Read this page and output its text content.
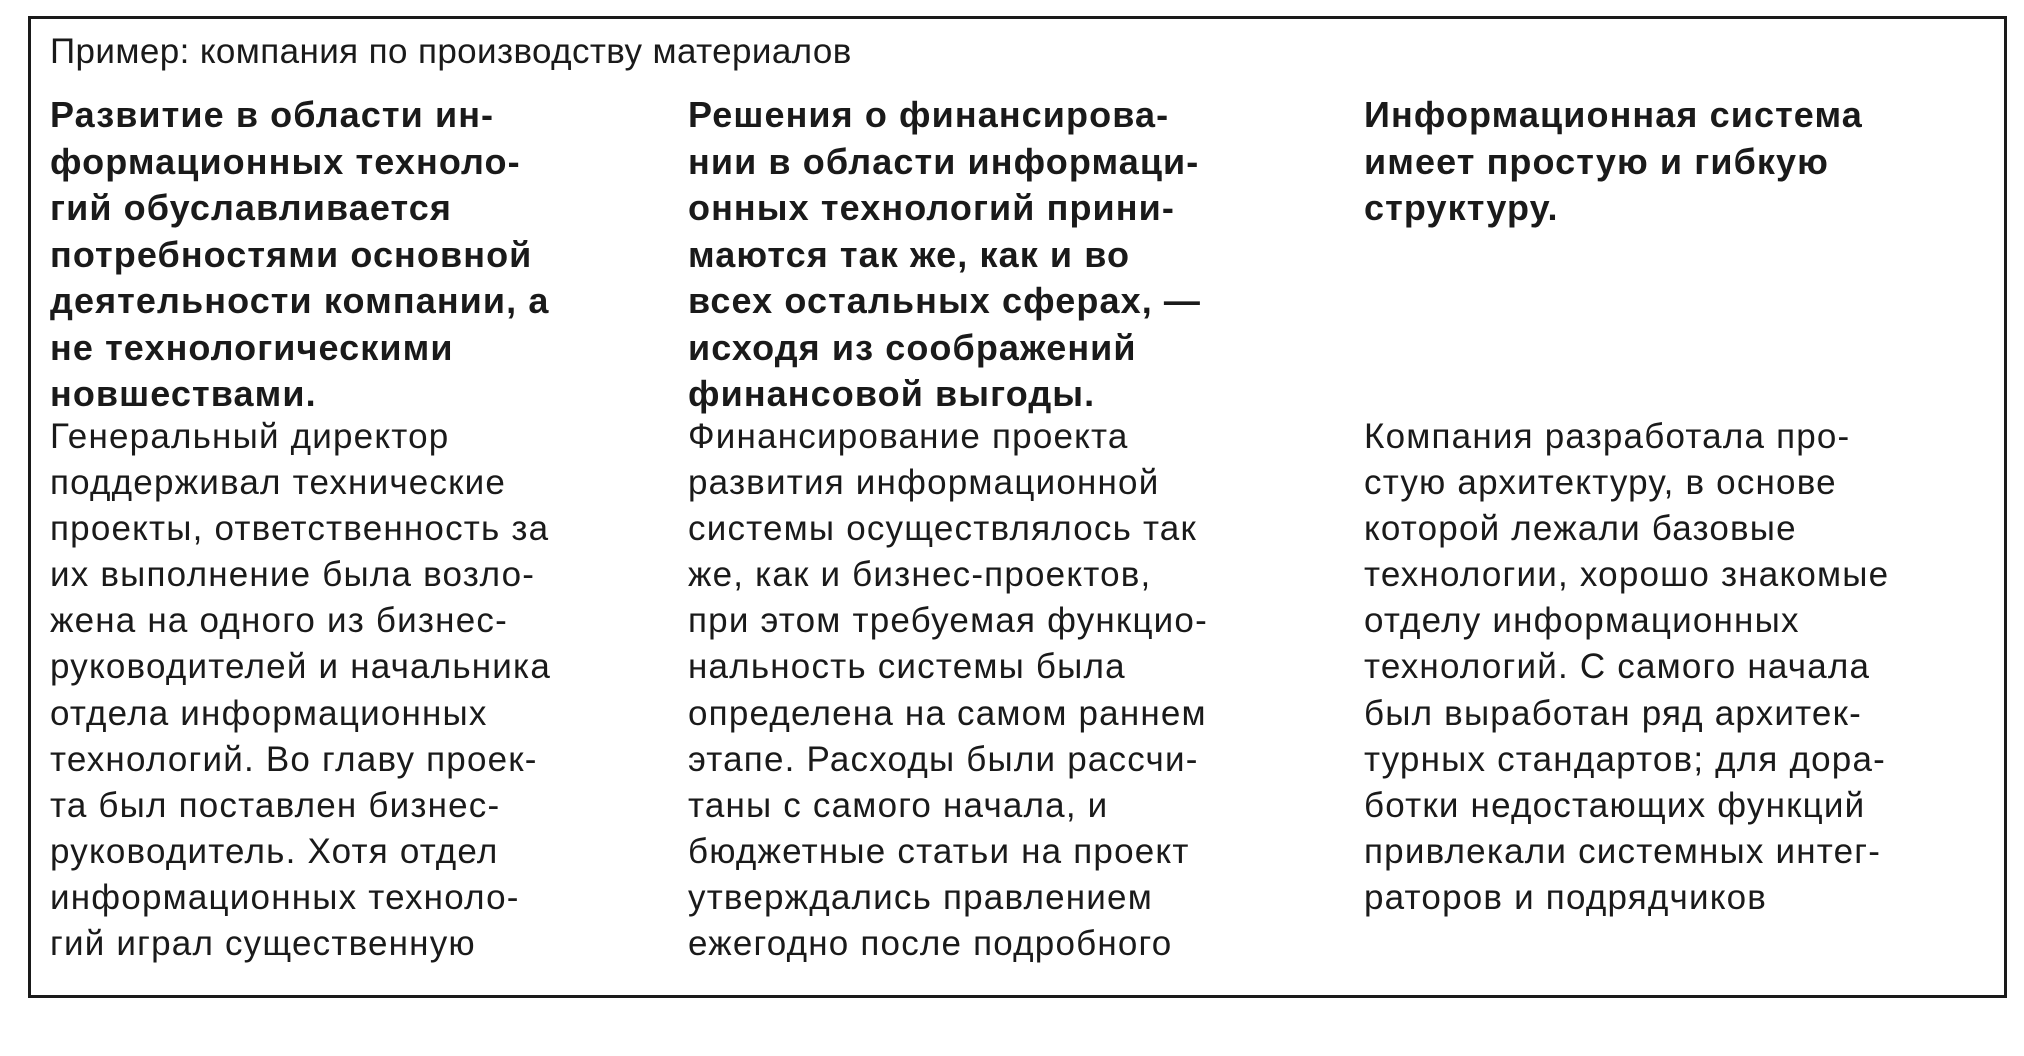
Пример: компания по производству материалов
Развитие в области ин-
формационных техноло-
гий обуславливается
потребностями основной
деятельности компании, а
не технологическими
новшествами.
Генеральный директор
поддерживал технические
проекты, ответственность за
их выполнение была возло-
жена на одного из бизнес-
руководителей и начальника
отдела информационных
технологий. Во главу проек-
та был поставлен бизнес-
руководитель. Хотя отдел
информационных техноло-
гий играл существенную
Решения о финансирова-
нии в области информаци-
онных технологий прини-
маются так же, как и во
всех остальных сферах, —
исходя из соображений
финансовой выгоды.
Финансирование проекта
развития информационной
системы осуществлялось так
же, как и бизнес-проектов,
при этом требуемая функцио-
нальность системы была
определена на самом раннем
этапе. Расходы были рассчи-
таны с самого начала, и
бюджетные статьи на проект
утверждались правлением
ежегодно после подробного
Информационная система
имеет простую и гибкую
структуру.
Компания разработала про-
стую архитектуру, в основе
которой лежали базовые
технологии, хорошо знакомые
отделу информационных
технологий. С самого начала
был выработан ряд архитек-
турных стандартов; для дора-
ботки недостающих функций
привлекали системных интег-
раторов и подрядчиков
